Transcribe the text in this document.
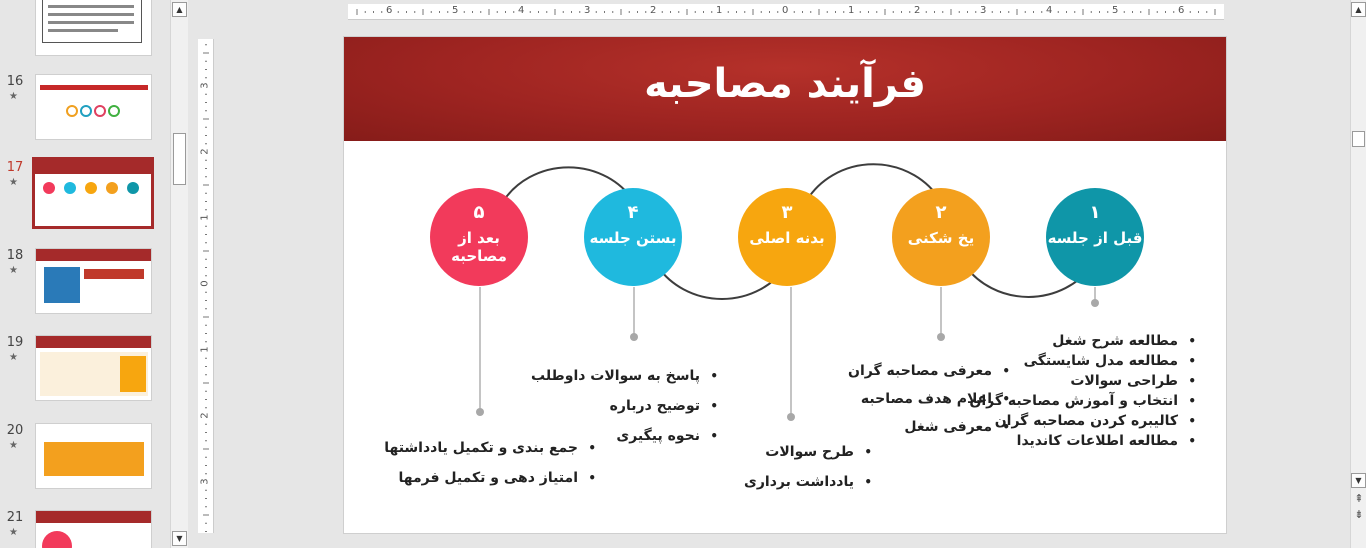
16
★
17
★
18
★
19
★
20
★
21
★
▲
▼
6	5	4	3	2	1	0	1	2	3	4	5	6
3
2
1
0
1
2
3
فرآیند مصاحبه
۱
قبل از جلسه
۲
یخ شکنی
۳
بدنه اصلی
۴
بستن جلسه
۵
بعد از مصاحبه
• مطالعه شرح شغل
• مطالعه مدل شایستگی
• طراحی سوالات
• انتخاب و آموزش مصاحبه گران
• کالیبره کردن مصاحبه گران
• مطالعه اطلاعات کاندیدا
• معرفی مصاحبه گران
• اعلام هدف مصاحبه
• معرفی شغل
• طرح سوالات
• یادداشت برداری
• پاسخ به سوالات داوطلب
• توضیح درباره
• نحوه پیگیری
• جمع بندی و تکمیل یادداشتها
• امتیاز دهی و تکمیل فرمها
▲
▼
⇞
⇟
